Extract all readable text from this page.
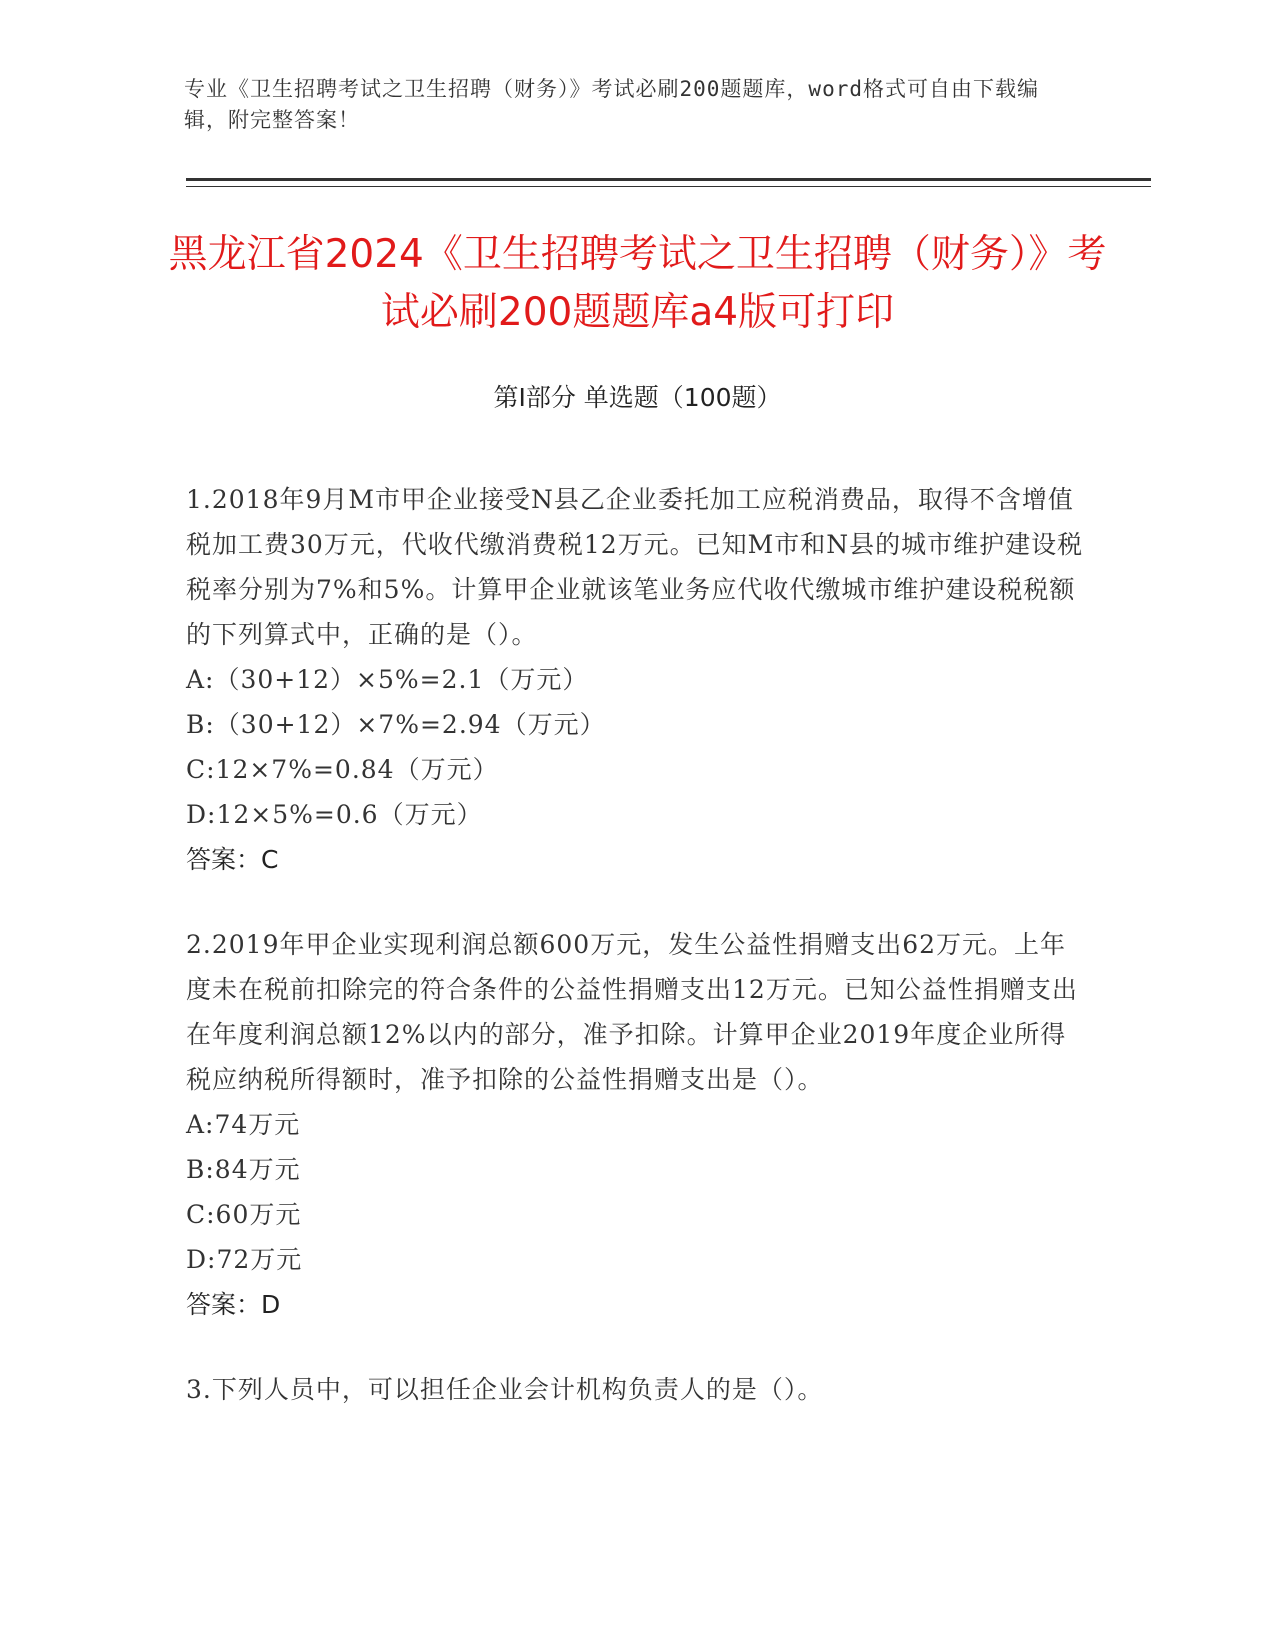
专业《卫生招聘考试之卫生招聘（财务）》考试必刷200题题库，word格式可自由下载编辑，附完整答案！
黑龙江省2024《卫生招聘考试之卫生招聘（财务）》考试必刷200题题库a4版可打印
第Ⅰ部分 单选题（100题）
1.2018年9月M市甲企业接受N县乙企业委托加工应税消费品，取得不含增值税加工费30万元，代收代缴消费税12万元。已知M市和N县的城市维护建设税税率分别为7%和5%。计算甲企业就该笔业务应代收代缴城市维护建设税税额的下列算式中，正确的是（）。
A:（30+12）×5%=2.1（万元）
B:（30+12）×7%=2.94（万元）
C:12×7%=0.84（万元）
D:12×5%=0.6（万元）
答案：C
2.2019年甲企业实现利润总额600万元，发生公益性捐赠支出62万元。上年度未在税前扣除完的符合条件的公益性捐赠支出12万元。已知公益性捐赠支出在年度利润总额12%以内的部分，准予扣除。计算甲企业2019年度企业所得税应纳税所得额时，准予扣除的公益性捐赠支出是（）。
A:74万元
B:84万元
C:60万元
D:72万元
答案：D
3.下列人员中，可以担任企业会计机构负责人的是（）。
